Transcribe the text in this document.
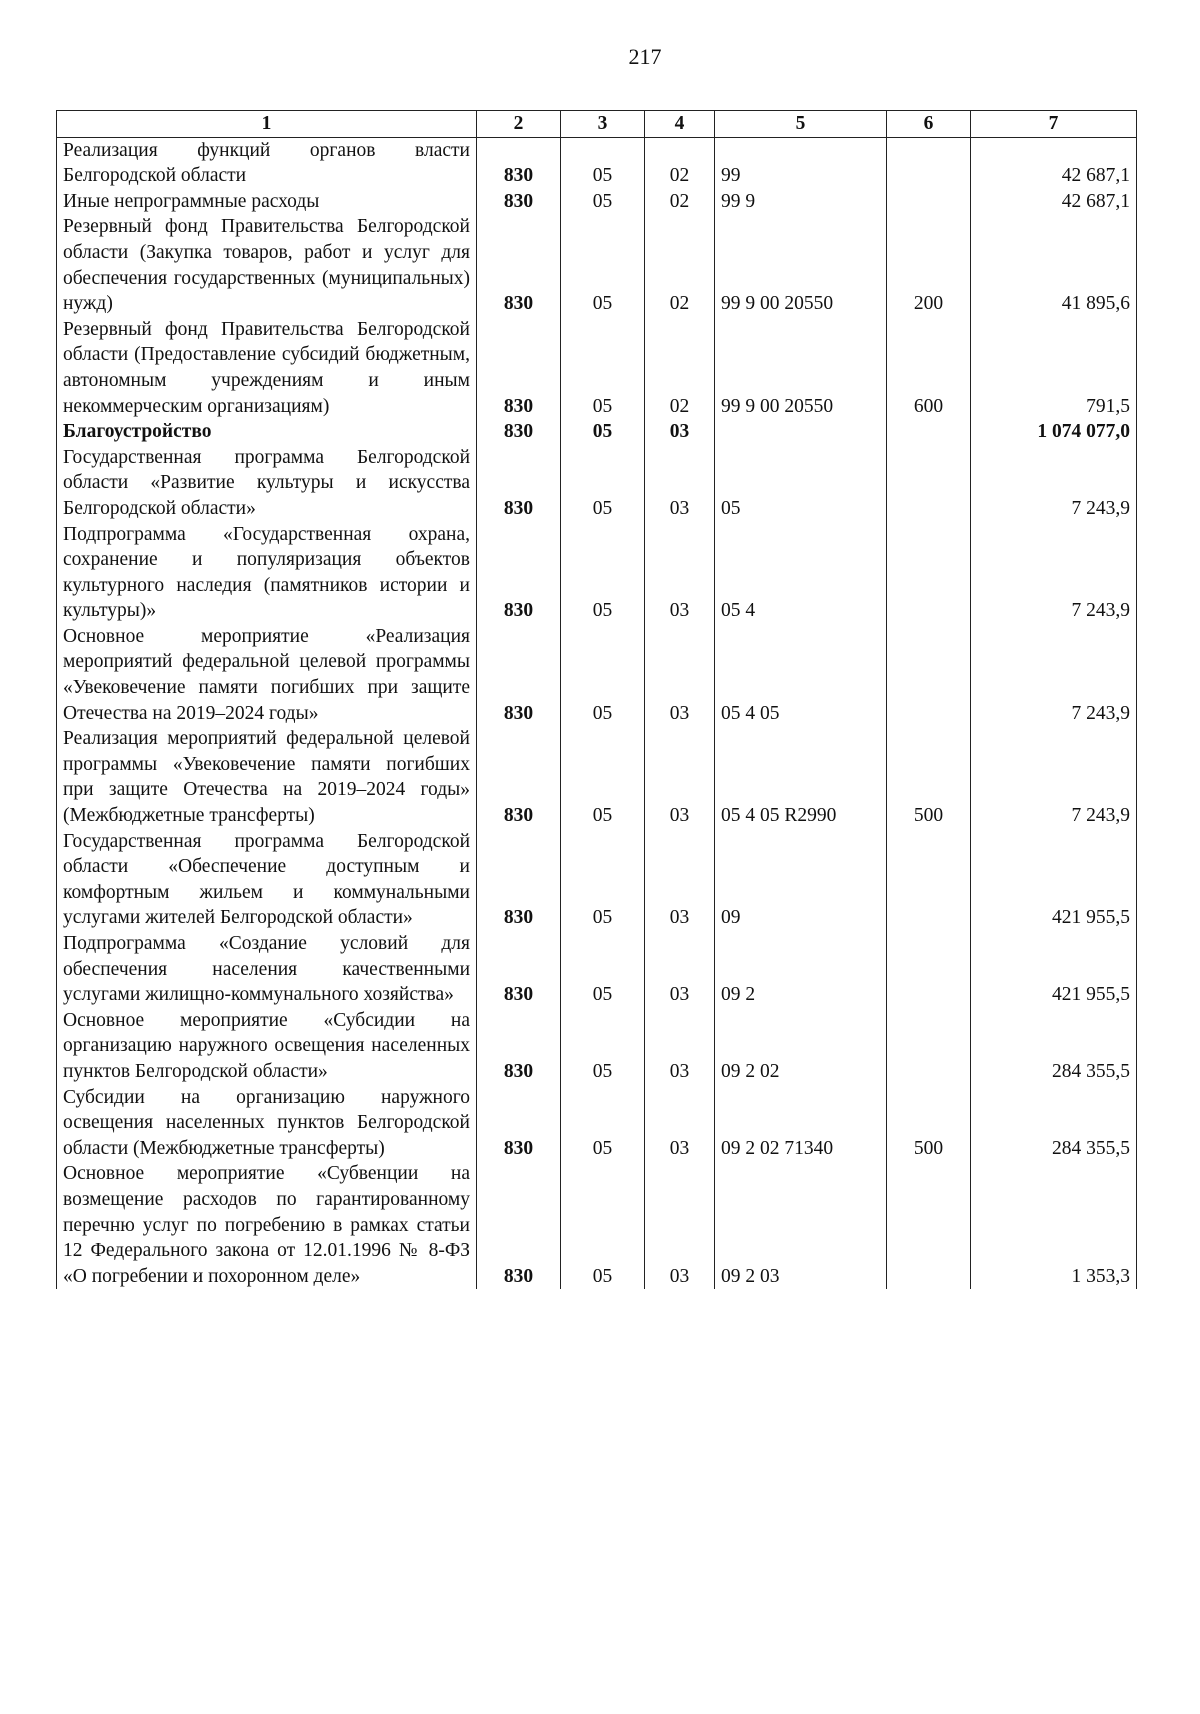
217
1	2	3	4	5	6	7
Реализация функций органов власти Белгородской области	830	05	02	99		42 687,1
Иные непрограммные расходы	830	05	02	99 9		42 687,1
Резервный фонд Правительства Белгородской области (Закупка товаров, работ и услуг для обеспечения государственных (муниципальных) нужд)	830	05	02	99 9 00 20550	200	41 895,6
Резервный фонд Правительства Белгородской области (Предоставление субсидий бюджетным, автономным учреждениям и иным некоммерческим организациям)	830	05	02	99 9 00 20550	600	791,5
Благоустройство	830	05	03			1 074 077,0
Государственная программа Белгородской области «Развитие культуры и искусства Белгородской области»	830	05	03	05		7 243,9
Подпрограмма «Государственная охрана, сохранение и популяризация объектов культурного наследия (памятников истории и культуры)»	830	05	03	05 4		7 243,9
Основное мероприятие «Реализация мероприятий федеральной целевой программы «Увековечение памяти погибших при защите Отечества на 2019–2024 годы»	830	05	03	05 4 05		7 243,9
Реализация мероприятий федеральной целевой программы «Увековечение памяти погибших при защите Отечества на 2019–2024 годы» (Межбюджетные трансферты)	830	05	03	05 4 05 R2990	500	7 243,9
Государственная программа Белгородской области «Обеспечение доступным и комфортным жильем и коммунальными услугами жителей Белгородской области»	830	05	03	09		421 955,5
Подпрограмма «Создание условий для обеспечения населения качественными услугами жилищно-коммунального хозяйства»	830	05	03	09 2		421 955,5
Основное мероприятие «Субсидии на организацию наружного освещения населенных пунктов Белгородской области»	830	05	03	09 2 02		284 355,5
Субсидии на организацию наружного освещения населенных пунктов Белгородской области (Межбюджетные трансферты)	830	05	03	09 2 02 71340	500	284 355,5
Основное мероприятие «Субвенции на возмещение расходов по гарантированному перечню услуг по погребению в рамках статьи 12 Федерального закона от 12.01.1996 № 8-ФЗ «О погребении и похоронном деле»	830	05	03	09 2 03		1 353,3
